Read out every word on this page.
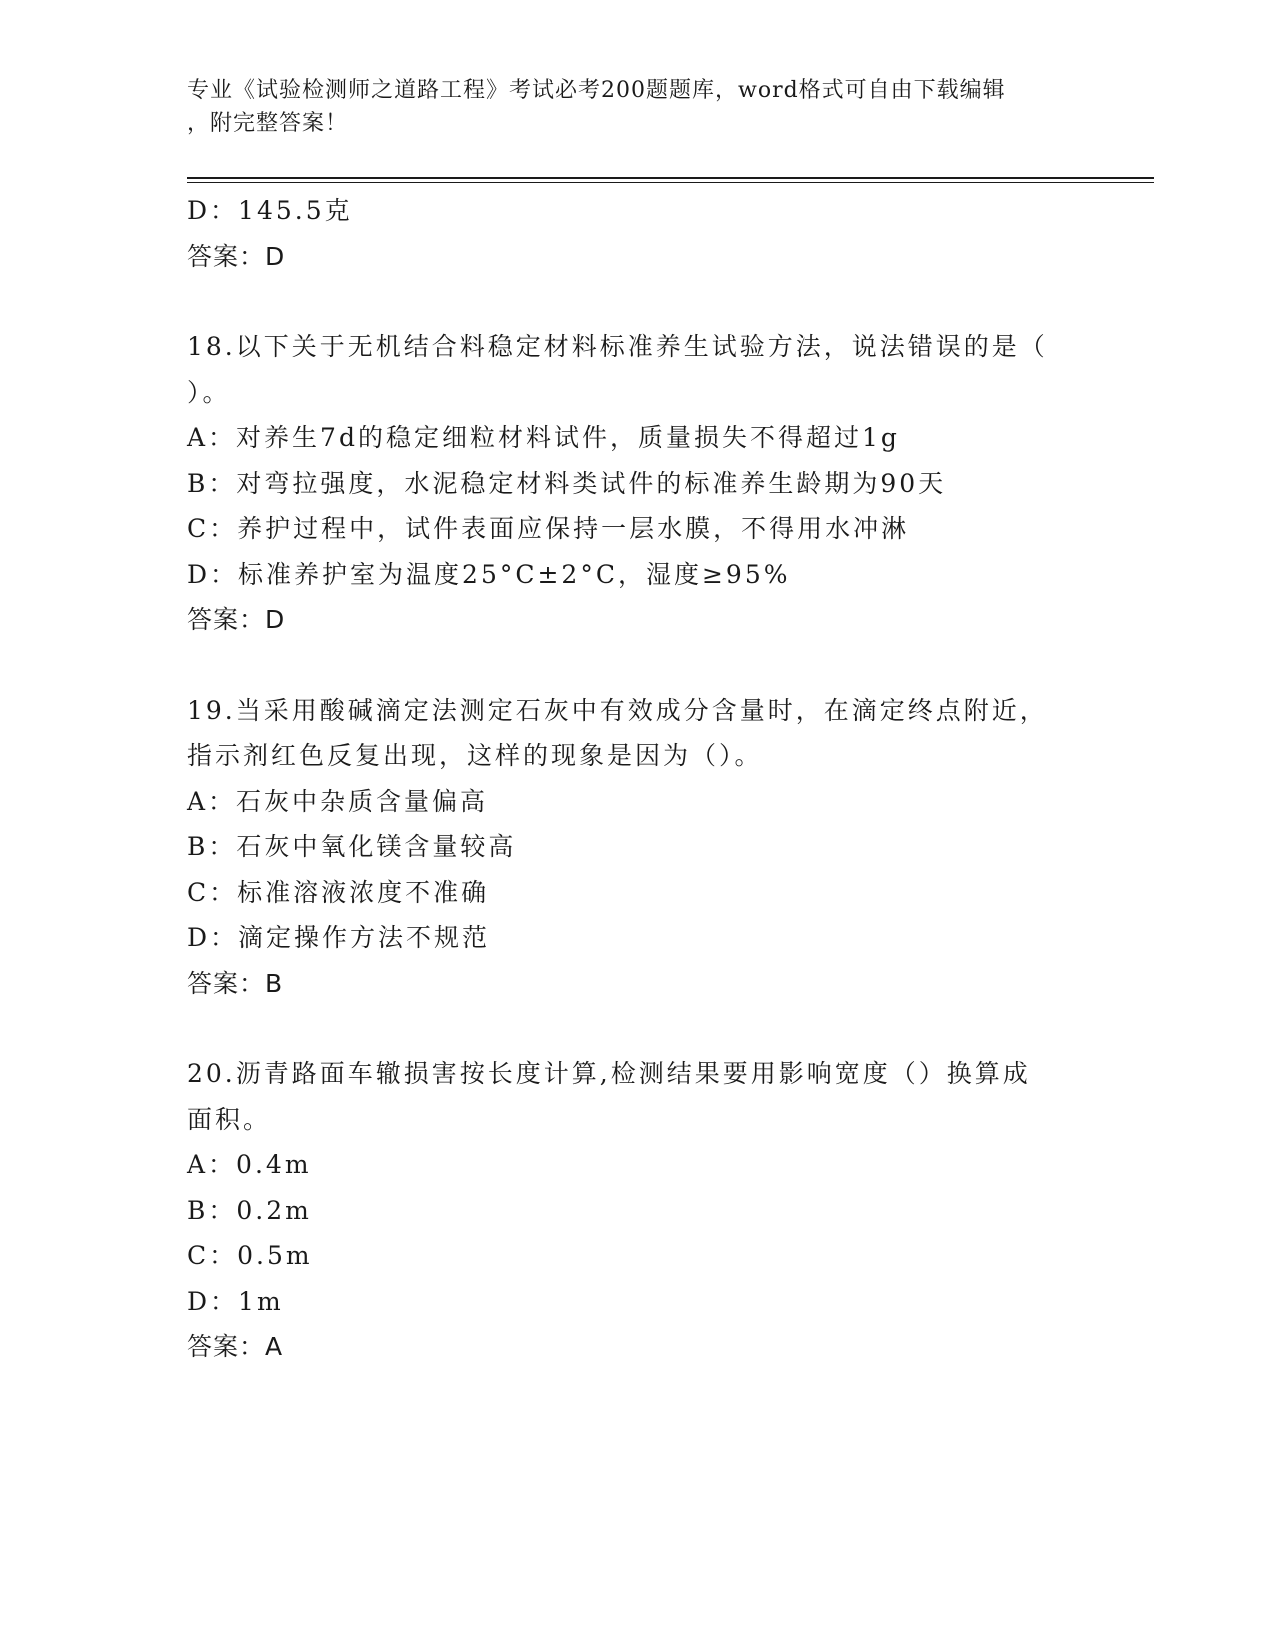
专业《试验检测师之道路工程》考试必考200题题库，word格式可自由下载编辑
，附完整答案！
D：145.5克
答案：D
18.以下关于无机结合料稳定材料标准养生试验方法，说法错误的是（
）。
A：对养生7d的稳定细粒材料试件，质量损失不得超过1g
B：对弯拉强度，水泥稳定材料类试件的标准养生龄期为90天
C：养护过程中，试件表面应保持一层水膜，不得用水冲淋
D：标准养护室为温度25°C±2°C，湿度≥95%
答案：D
19.当采用酸碱滴定法测定石灰中有效成分含量时，在滴定终点附近，
指示剂红色反复出现，这样的现象是因为（）。
A：石灰中杂质含量偏高
B：石灰中氧化镁含量较高
C：标准溶液浓度不准确
D：滴定操作方法不规范
答案：B
20.沥青路面车辙损害按长度计算,检测结果要用影响宽度（）换算成
面积。
A：0.4m
B：0.2m
C：0.5m
D：1m
答案：A
